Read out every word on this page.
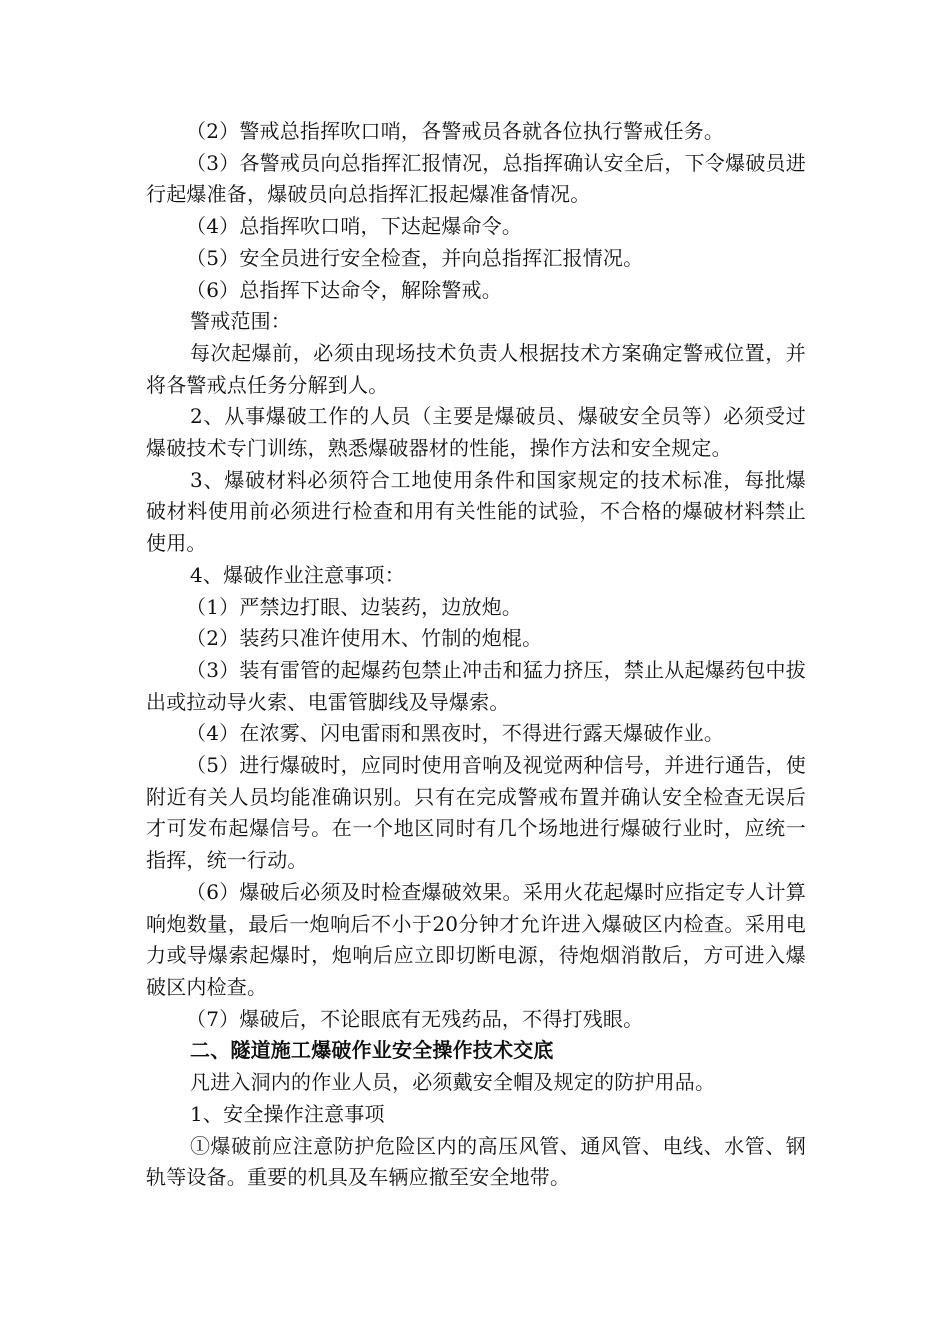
（2）警戒总指挥吹口哨，各警戒员各就各位执行警戒任务。

（3）各警戒员向总指挥汇报情况，总指挥确认安全后，下令爆破员进行起爆准备，爆破员向总指挥汇报起爆准备情况。

（4）总指挥吹口哨，下达起爆命令。

（5）安全员进行安全检查，并向总指挥汇报情况。

（6）总指挥下达命令，解除警戒。

警戒范围：

每次起爆前，必须由现场技术负责人根据技术方案确定警戒位置，并将各警戒点任务分解到人。

2、从事爆破工作的人员（主要是爆破员、爆破安全员等）必须受过爆破技术专门训练，熟悉爆破器材的性能，操作方法和安全规定。

3、爆破材料必须符合工地使用条件和国家规定的技术标准，每批爆破材料使用前必须进行检查和用有关性能的试验，不合格的爆破材料禁止使用。

4、爆破作业注意事项：

（1）严禁边打眼、边装药，边放炮。

（2）装药只准许使用木、竹制的炮棍。

（3）装有雷管的起爆药包禁止冲击和猛力挤压，禁止从起爆药包中拔出或拉动导火索、电雷管脚线及导爆索。

（4）在浓雾、闪电雷雨和黑夜时，不得进行露天爆破作业。

（5）进行爆破时，应同时使用音响及视觉两种信号，并进行通告，使附近有关人员均能准确识别。只有在完成警戒布置并确认安全检查无误后才可发布起爆信号。在一个地区同时有几个场地进行爆破行业时，应统一指挥，统一行动。

（6）爆破后必须及时检查爆破效果。采用火花起爆时应指定专人计算响炮数量，最后一炮响后不小于20分钟才允许进入爆破区内检查。采用电力或导爆索起爆时，炮响后应立即切断电源，待炮烟消散后，方可进入爆破区内检查。

（7）爆破后，不论眼底有无残药品，不得打残眼。

二、隧道施工爆破作业安全操作技术交底

凡进入洞内的作业人员，必须戴安全帽及规定的防护用品。

1、安全操作注意事项

①爆破前应注意防护危险区内的高压风管、通风管、电线、水管、钢轨等设备。重要的机具及车辆应撤至安全地带。
